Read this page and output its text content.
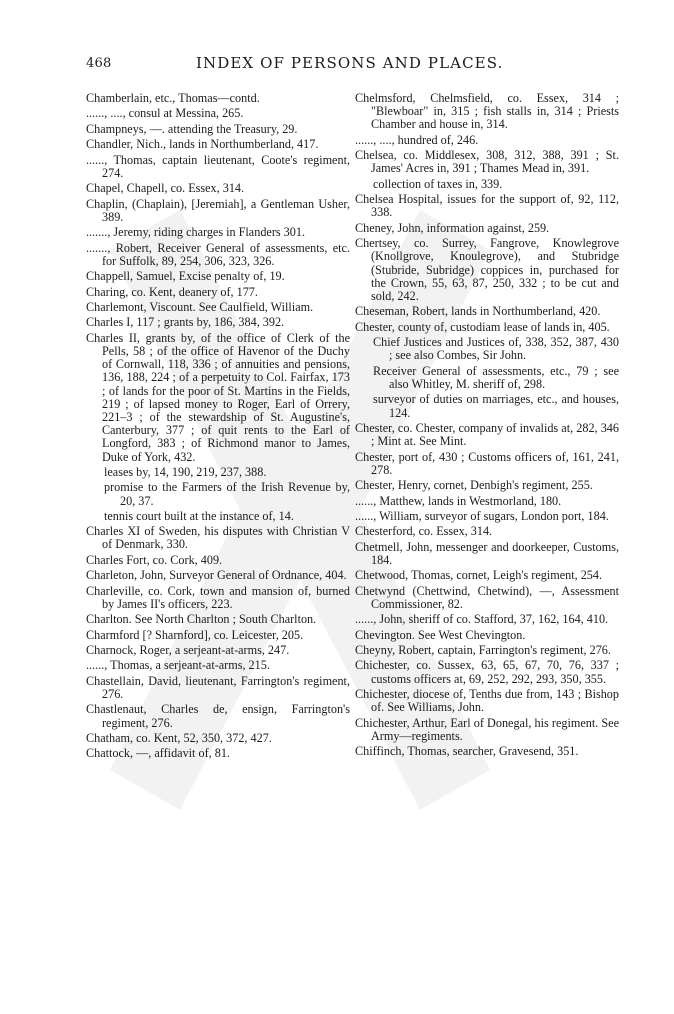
468	INDEX OF PERSONS AND PLACES.
Chamberlain, etc., Thomas—contd.
......, ...., consul at Messina, 265.
Champneys, —. attending the Treasury, 29.
Chandler, Nich., lands in Northumberland, 417.
......, Thomas, captain lieutenant, Coote's regiment, 274.
Chapel, Chapell, co. Essex, 314.
Chaplin, (Chaplain), [Jeremiah], a Gentleman Usher, 389.
......., Jeremy, riding charges in Flanders 301.
......., Robert, Receiver General of assessments, etc. for Suffolk, 89, 254, 306, 323, 326.
Chappell, Samuel, Excise penalty of, 19.
Charing, co. Kent, deanery of, 177.
Charlemont, Viscount. See Caulfield, William.
Charles I, 117 ; grants by, 186, 384, 392.
Charles II, grants by, of the office of Clerk of the Pells, 58 ; of the office of Havenor of the Duchy of Cornwall, 118, 336 ; of annuities and pensions, 136, 188, 224 ; of a perpetuity to Col. Fairfax, 173 ; of lands for the poor of St. Martins in the Fields, 219 ; of lapsed money to Roger, Earl of Orrery, 221–3 ; of the stewardship of St. Augustine's, Canterbury, 377 ; of quit rents to the Earl of Longford, 383 ; of Richmond manor to James, Duke of York, 432.
leases by, 14, 190, 219, 237, 388.
promise to the Farmers of the Irish Revenue by, 20, 37.
tennis court built at the instance of, 14.
Charles XI of Sweden, his disputes with Christian V of Denmark, 330.
Charles Fort, co. Cork, 409.
Charleton, John, Surveyor General of Ordnance, 404.
Charleville, co. Cork, town and mansion of, burned by James II's officers, 223.
Charlton. See North Charlton ; South Charlton.
Charmford [? Sharnford], co. Leicester, 205.
Charnock, Roger, a serjeant-at-arms, 247.
......, Thomas, a serjeant-at-arms, 215.
Chastellain, David, lieutenant, Farrington's regiment, 276.
Chastlenaut, Charles de, ensign, Farrington's regiment, 276.
Chatham, co. Kent, 52, 350, 372, 427.
Chattock, —, affidavit of, 81.
Chelmsford, Chelmsfield, co. Essex, 314 ; "Blewboar" in, 315 ; fish stalls in, 314 ; Priests Chamber and house in, 314.
......, ...., hundred of, 246.
Chelsea, co. Middlesex, 308, 312, 388, 391 ; St. James' Acres in, 391 ; Thames Mead in, 391.
collection of taxes in, 339.
Chelsea Hospital, issues for the support of, 92, 112, 338.
Cheney, John, information against, 259.
Chertsey, co. Surrey, Fangrove, Knowlegrove (Knollgrove, Knoulegrove), and Stubridge (Stubride, Subridge) coppices in, purchased for the Crown, 55, 63, 87, 250, 332 ; to be cut and sold, 242.
Cheseman, Robert, lands in Northumberland, 420.
Chester, county of, custodiam lease of lands in, 405.
Chief Justices and Justices of, 338, 352, 387, 430 ; see also Combes, Sir John.
Receiver General of assessments, etc., 79 ; see also Whitley, M. sheriff of, 298.
surveyor of duties on marriages, etc., and houses, 124.
Chester, co. Chester, company of invalids at, 282, 346 ; Mint at. See Mint.
Chester, port of, 430 ; Customs officers of, 161, 241, 278.
Chester, Henry, cornet, Denbigh's regiment, 255.
......, Matthew, lands in Westmorland, 180.
......, William, surveyor of sugars, London port, 184.
Chesterford, co. Essex, 314.
Chetmell, John, messenger and doorkeeper, Customs, 184.
Chetwood, Thomas, cornet, Leigh's regiment, 254.
Chetwynd (Chettwind, Chetwind), —, Assessment Commissioner, 82.
......, John, sheriff of co. Stafford, 37, 162, 164, 410.
Chevington. See West Chevington.
Cheyny, Robert, captain, Farrington's regiment, 276.
Chichester, co. Sussex, 63, 65, 67, 70, 76, 337 ; customs officers at, 69, 252, 292, 293, 350, 355.
Chichester, diocese of, Tenths due from, 143 ; Bishop of. See Williams, John.
Chichester, Arthur, Earl of Donegal, his regiment. See Army—regiments.
Chiffinch, Thomas, searcher, Gravesend, 351.
